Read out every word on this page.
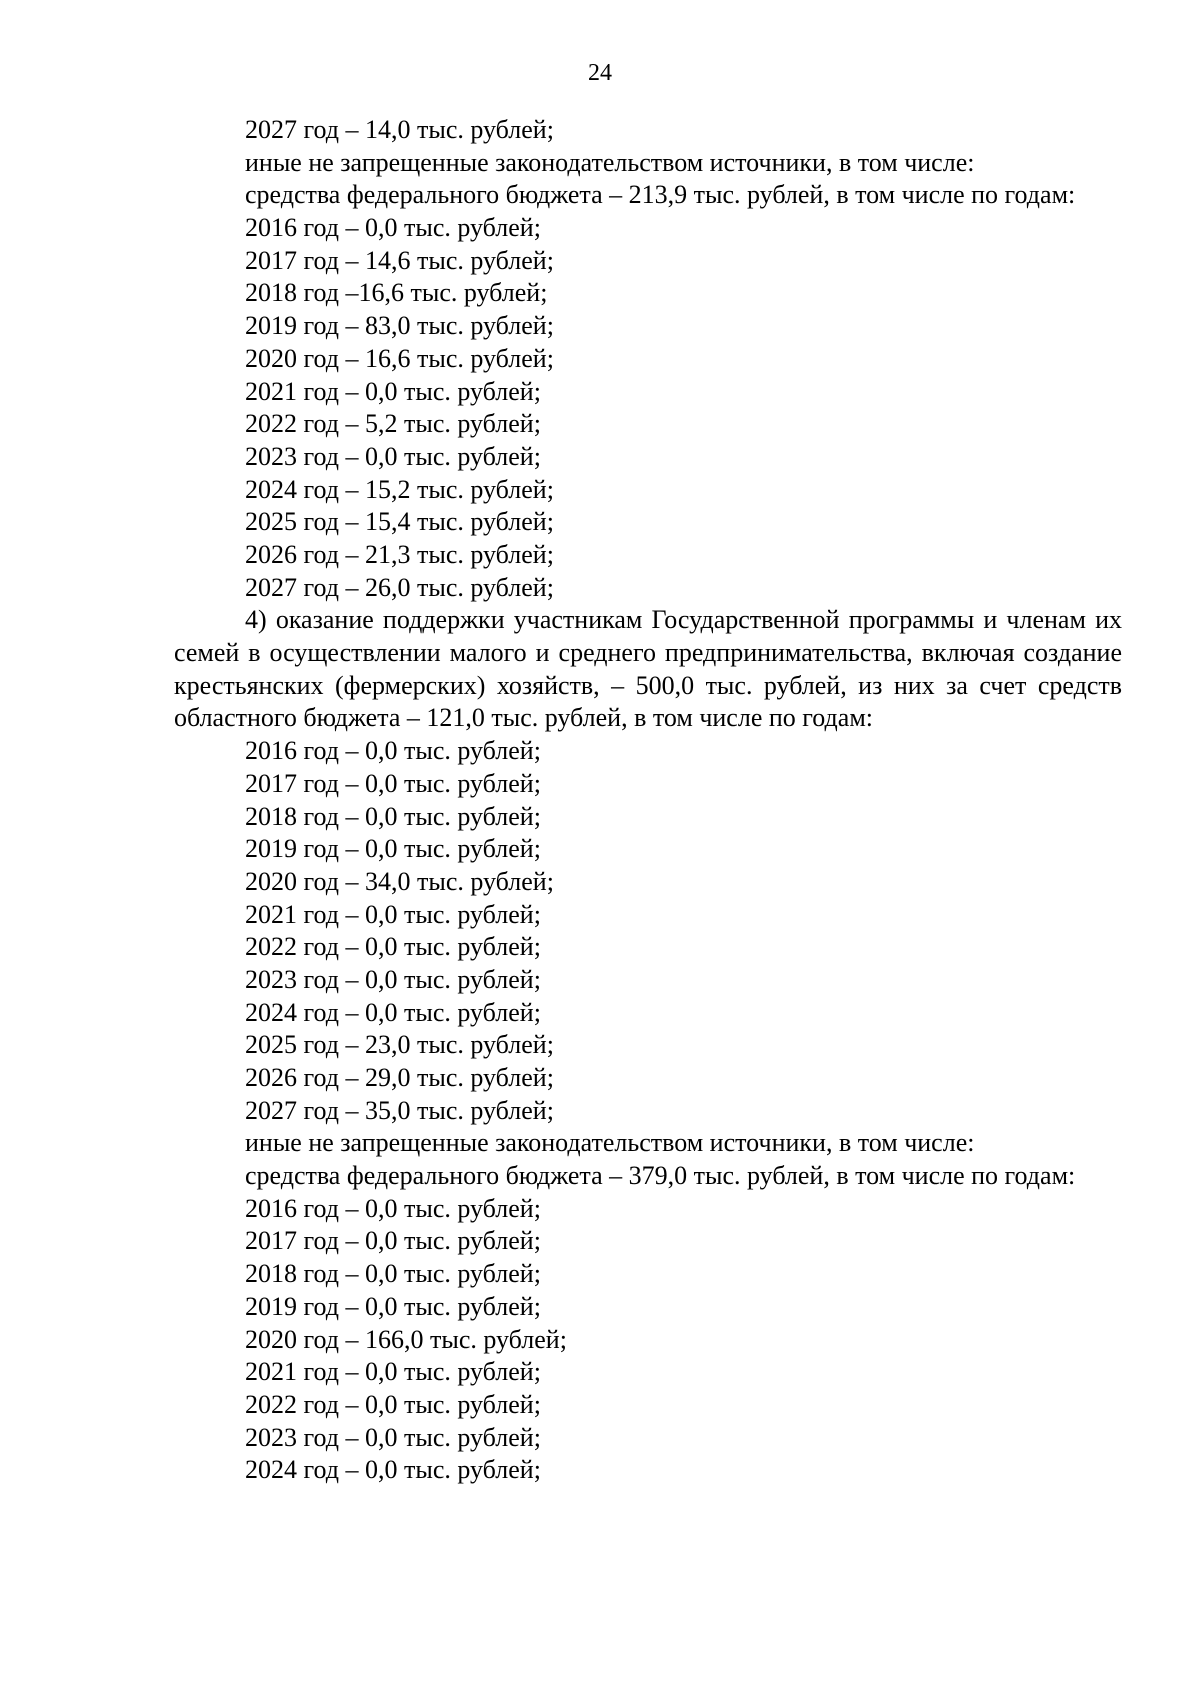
24
2027 год – 14,0 тыс. рублей;
иные не запрещенные законодательством источники, в том числе:
средства федерального бюджета – 213,9 тыс. рублей, в том числе по годам:
2016 год – 0,0 тыс. рублей;
2017 год – 14,6 тыс. рублей;
2018 год –16,6 тыс. рублей;
2019 год – 83,0 тыс. рублей;
2020 год – 16,6 тыс. рублей;
2021 год – 0,0 тыс. рублей;
2022 год – 5,2 тыс. рублей;
2023 год – 0,0 тыс. рублей;
2024 год – 15,2 тыс. рублей;
2025 год – 15,4 тыс. рублей;
2026 год – 21,3 тыс. рублей;
2027 год – 26,0 тыс. рублей;
4) оказание поддержки участникам Государственной программы и членам их семей в осуществлении малого и среднего предпринимательства, включая создание крестьянских (фермерских) хозяйств, – 500,0 тыс. рублей, из них за счет средств областного бюджета – 121,0 тыс. рублей, в том числе по годам:
2016 год – 0,0 тыс. рублей;
2017 год – 0,0 тыс. рублей;
2018 год – 0,0 тыс. рублей;
2019 год – 0,0 тыс. рублей;
2020 год – 34,0 тыс. рублей;
2021 год – 0,0 тыс. рублей;
2022 год – 0,0 тыс. рублей;
2023 год – 0,0 тыс. рублей;
2024 год – 0,0 тыс. рублей;
2025 год – 23,0 тыс. рублей;
2026 год – 29,0 тыс. рублей;
2027 год – 35,0 тыс. рублей;
иные не запрещенные законодательством источники, в том числе:
средства федерального бюджета – 379,0 тыс. рублей, в том числе по годам:
2016 год – 0,0 тыс. рублей;
2017 год – 0,0 тыс. рублей;
2018 год – 0,0 тыс. рублей;
2019 год – 0,0 тыс. рублей;
2020 год – 166,0 тыс. рублей;
2021 год – 0,0 тыс. рублей;
2022 год – 0,0 тыс. рублей;
2023 год – 0,0 тыс. рублей;
2024 год – 0,0 тыс. рублей;
